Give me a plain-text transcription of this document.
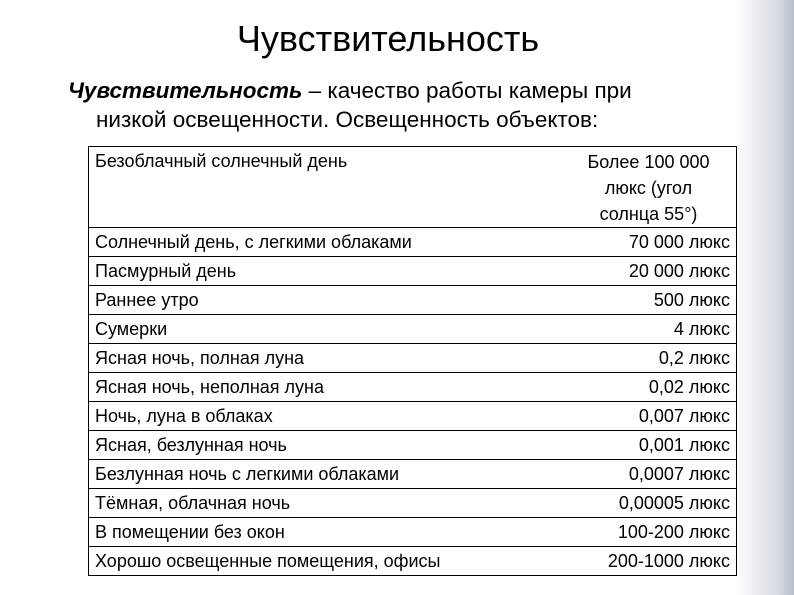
Чувствительность
Чувствительность – качество работы камеры при
низкой освещенности. Освещенность объектов:
Безоблачный солнечный день	Более 100 000
люкс (угол
солнца 55°)

Солнечный день, с легкими облаками	70 000 люкс
Пасмурный день	20 000 люкс
Раннее утро	500 люкс
Сумерки	4 люкс
Ясная ночь, полная луна	0,2 люкс
Ясная ночь, неполная луна	0,02 люкс
Ночь, луна в облаках	0,007 люкс
Ясная, безлунная ночь	0,001 люкс
Безлунная ночь с легкими облаками	0,0007 люкс
Тёмная, облачная ночь	0,00005 люкс
В помещении без окон	100-200 люкс
Хорошо освещенные помещения, офисы	200-1000 люкс
